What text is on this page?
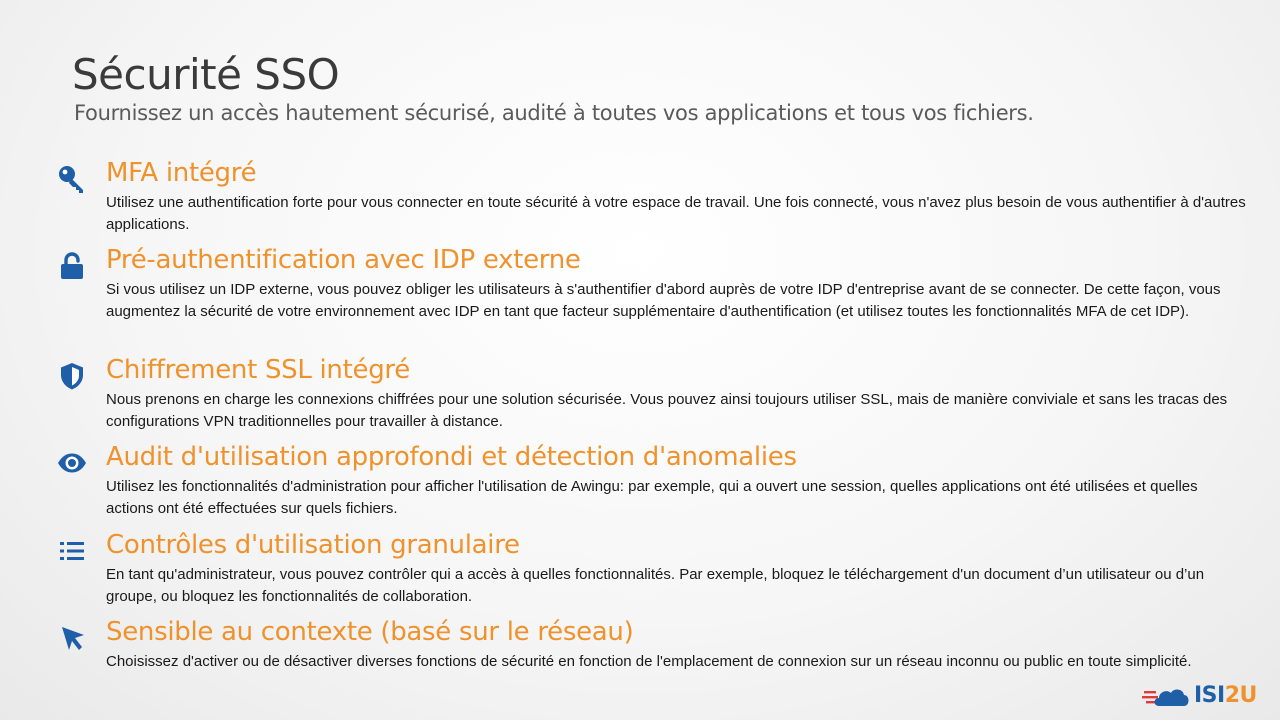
Sécurité SSO

Fournissez un accès hautement sécurisé, audité à toutes vos applications et tous vos fichiers.

MFA intégré
Utilisez une authentification forte pour vous connecter en toute sécurité à votre espace de travail. Une fois connecté, vous n'avez plus besoin de vous authentifier à d'autres applications.
Pré-authentification avec IDP externe
Si vous utilisez un IDP externe, vous pouvez obliger les utilisateurs à s'authentifier d'abord auprès de votre IDP d'entreprise avant de se connecter. De cette façon, vous augmentez la sécurité de votre environnement avec IDP en tant que facteur supplémentaire d'authentification (et utilisez toutes les fonctionnalités MFA de cet IDP).
Chiffrement SSL intégré
Nous prenons en charge les connexions chiffrées pour une solution sécurisée. Vous pouvez ainsi toujours utiliser SSL, mais de manière conviviale et sans les tracas des configurations VPN traditionnelles pour travailler à distance.
Audit d'utilisation approfondi et détection d'anomalies
Utilisez les fonctionnalités d'administration pour afficher l'utilisation de Awingu: par exemple, qui a ouvert une session, quelles applications ont été utilisées et quelles actions ont été effectuées sur quels fichiers.
Contrôles d'utilisation granulaire
En tant qu'administrateur, vous pouvez contrôler qui a accès à quelles fonctionnalités. Par exemple, bloquez le téléchargement d'un document d’un utilisateur ou d’un groupe, ou bloquez les fonctionnalités de collaboration.
Sensible au contexte (basé sur le réseau)
Choisissez d'activer ou de désactiver diverses fonctions de sécurité en fonction de l'emplacement de connexion sur un réseau inconnu ou public en toute simplicité.
ISI2U
